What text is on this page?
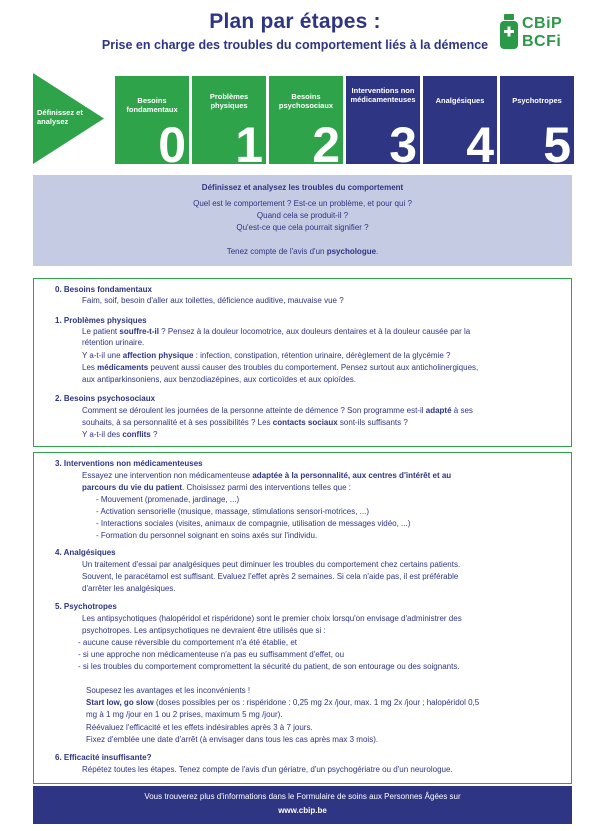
Plan par étapes :
Prise en charge des troubles du comportement liés à la démence
CBiP
BCFi
Définissez et analysez
Besoins fondamentaux
0
Problèmes physiques
1
Besoins psychosociaux
2
Interventions non médicamenteuses
3
Analgésiques
4
Psychotropes
5

Définissez et analysez les troubles du comportement

Quel est le comportement ? Est-ce un problème, et pour qui ?

Quand cela se produit-il ?

Qu'est-ce que cela pourrait signifier ?

Tenez compte de l'avis d'un psychologue.

0. Besoins fondamentaux
Faim, soif, besoin d'aller aux toilettes, déficience auditive, mauvaise vue ?
1. Problèmes physiques
Le patient souffre-t-il ? Pensez à la douleur locomotrice, aux douleurs dentaires et à la douleur causée par la
rétention urinaire.
Y a-t-il une affection physique : infection, constipation, rétention urinaire, dérèglement de la glycémie ?
Les médicaments peuvent aussi causer des troubles du comportement. Pensez surtout aux anticholinergiques,
aux antiparkinsoniens, aux benzodiazépines, aux corticoïdes et aux opioïdes.
2. Besoins psychosociaux
Comment se déroulent les journées de la personne atteinte de démence ? Son programme est-il adapté à ses
souhaits, à sa personnalité et à ses possibilités ? Les contacts sociaux sont-ils suffisants ?
Y a-t-il des conflits ?
3. Interventions non médicamenteuses
Essayez une intervention non médicamenteuse adaptée à la personnalité, aux centres d'intérêt et au
parcours du vie du patient. Choisissez parmi des interventions telles que :
- Mouvement (promenade, jardinage, ...)
- Activation sensorielle (musique, massage, stimulations sensori-motrices, ...)
- Interactions sociales (visites, animaux de compagnie, utilisation de messages vidéo, ...)
- Formation du personnel soignant en soins axés sur l'individu.
4. Analgésiques
Un traitement d'essai par analgésiques peut diminuer les troubles du comportement chez certains patients.
Souvent, le paracétamol est suffisant. Evaluez l'effet après 2 semaines. Si cela n'aide pas, il est préférable
d'arrêter les analgésiques.
5. Psychotropes
Les antipsychotiques (halopéridol et rispéridone) sont le premier choix lorsqu'on envisage d'administrer des
psychotropes. Les antipsychotiques ne devraient être utilisés que si :
- aucune cause réversible du comportement n'a été établie, et
- si une approche non médicamenteuse n'a pas eu suffisamment d'effet, ou
- si les troubles du comportement compromettent la sécurité du patient, de son entourage ou des soignants.
Soupesez les avantages et les inconvénients !
Start low, go slow (doses possibles per os : rispéridone : 0,25 mg 2x /jour, max. 1 mg 2x /jour ; halopéridol 0,5
mg à 1 mg /jour en 1 ou 2 prises, maximum 5 mg /jour).
Réévaluez l'efficacité et les effets indésirables après 3 à 7 jours.
Fixez d'emblée une date d'arrêt (à envisager dans tous les cas après max 3 mois).
6. Efficacité insuffisante?
Répétez toutes les étapes. Tenez compte de l'avis d'un gériatre, d'un psychogériatre ou d'un neurologue.

Vous trouverez plus d'informations dans le Formulaire de soins aux Personnes Âgées sur

www.cbip.be
